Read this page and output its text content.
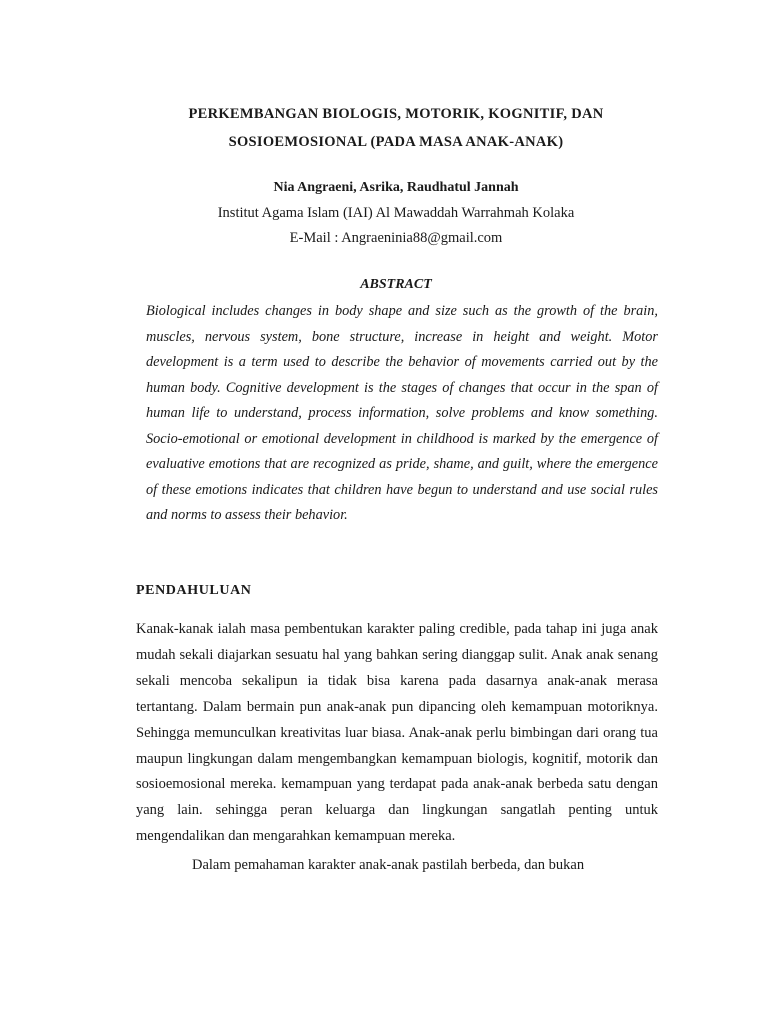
PERKEMBANGAN BIOLOGIS, MOTORIK, KOGNITIF, DAN
SOSIOEMOSIONAL (PADA MASA ANAK-ANAK)
Nia Angraeni, Asrika, Raudhatul Jannah
Institut Agama Islam (IAI) Al Mawaddah Warrahmah Kolaka
E-Mail : Angraeninia88@gmail.com
ABSTRACT
Biological includes changes in body shape and size such as the growth of the brain, muscles, nervous system, bone structure, increase in height and weight. Motor development is a term used to describe the behavior of movements carried out by the human body. Cognitive development is the stages of changes that occur in the span of human life to understand, process information, solve problems and know something. Socio-emotional or emotional development in childhood is marked by the emergence of evaluative emotions that are recognized as pride, shame, and guilt, where the emergence of these emotions indicates that children have begun to understand and use social rules and norms to assess their behavior.
PENDAHULUAN

Kanak-kanak ialah masa pembentukan karakter paling credible, pada tahap ini juga anak mudah sekali diajarkan sesuatu hal yang bahkan sering dianggap sulit. Anak anak senang sekali mencoba sekalipun ia tidak bisa karena pada dasarnya anak-anak merasa tertantang. Dalam bermain pun anak-anak pun dipancing oleh kemampuan motoriknya. Sehingga memunculkan kreativitas luar biasa. Anak-anak perlu bimbingan dari orang tua maupun lingkungan dalam mengembangkan kemampuan biologis, kognitif, motorik dan sosioemosional mereka. kemampuan yang terdapat pada anak-anak berbeda satu dengan yang lain. sehingga peran keluarga dan lingkungan sangatlah penting untuk mengendalikan dan mengarahkan kemampuan mereka.

Dalam pemahaman karakter anak-anak pastilah berbeda, dan bukan
